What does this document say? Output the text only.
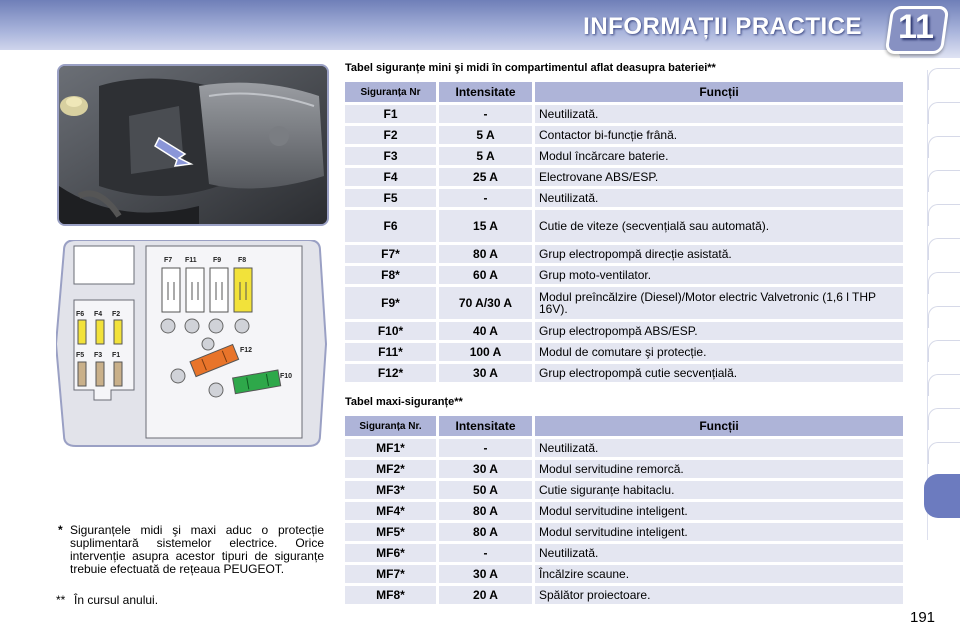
INFORMAȚII PRACTICE 11
F7 F11 F9 F8
F6 F4 F2
F5 F3 F1
F12
F10
Tabel siguranțe mini şi midi în compartimentul aflat deasupra bateriei**
Siguranța Nr	Intensitate	Funcții
F1	-	Neutilizată.
F2	5 A	Contactor bi-funcție frână.
F3	5 A	Modul încărcare baterie.
F4	25 A	Electrovane ABS/ESP.
F5	-	Neutilizată.
F6	15 A	Cutie de viteze (secvențială sau automată).
F7*	80 A	Grup electropompă direcție asistată.
F8*	60 A	Grup moto-ventilator.
F9*	70 A/30 A	Modul preîncălzire (Diesel)/Motor electric Valvetronic (1,6 l THP 16V).
F10*	40 A	Grup electropompă ABS/ESP.
F11*	100 A	Modul de comutare şi protecție.
F12*	30 A	Grup electropompă cutie secvențială.
Tabel maxi-siguranțe**
Siguranța Nr.	Intensitate	Funcții
MF1*	-	Neutilizată.
MF2*	30 A	Modul servitudine remorcă.
MF3*	50 A	Cutie siguranțe habitaclu.
MF4*	80 A	Modul servitudine inteligent.
MF5*	80 A	Modul servitudine inteligent.
MF6*	-	Neutilizată.
MF7*	30 A	Încălzire scaune.
MF8*	20 A	Spălător proiectoare.
* Siguranțele midi şi maxi aduc o protecție suplimentară sistemelor electrice. Orice intervenție asupra acestor tipuri de siguranțe trebuie efectuată de rețeaua PEUGEOT.
** În cursul anului.
191
